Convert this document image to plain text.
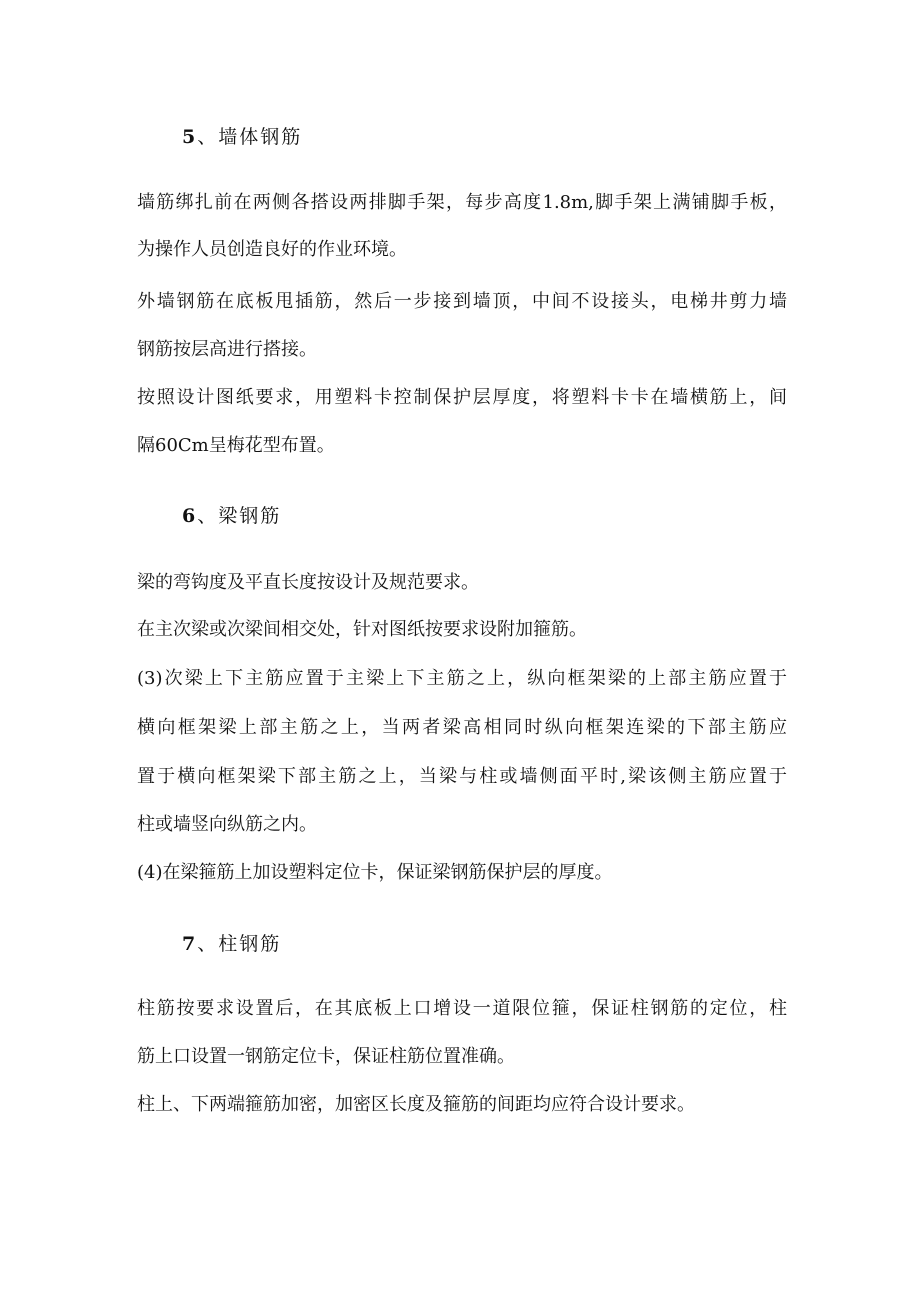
5、墙体钢筋
墙筋绑扎前在两侧各搭设两排脚手架，每步高度1.8m,脚手架上满铺脚手板，
为操作人员创造良好的作业环境。
外墙钢筋在底板甩插筋，然后一步接到墙顶，中间不设接头，电梯井剪力墙
钢筋按层高进行搭接。
按照设计图纸要求，用塑料卡控制保护层厚度，将塑料卡卡在墙横筋上，间
隔60Cm呈梅花型布置。
6、梁钢筋
梁的弯钩度及平直长度按设计及规范要求。
在主次梁或次梁间相交处，针对图纸按要求设附加箍筋。
(3)次梁上下主筋应置于主梁上下主筋之上，纵向框架梁的上部主筋应置于
横向框架梁上部主筋之上，当两者梁高相同时纵向框架连梁的下部主筋应
置于横向框架梁下部主筋之上，当梁与柱或墙侧面平时,梁该侧主筋应置于
柱或墙竖向纵筋之内。
(4)在梁箍筋上加设塑料定位卡，保证梁钢筋保护层的厚度。
7、柱钢筋
柱筋按要求设置后，在其底板上口增设一道限位箍，保证柱钢筋的定位，柱
筋上口设置一钢筋定位卡，保证柱筋位置准确。
柱上、下两端箍筋加密，加密区长度及箍筋的间距均应符合设计要求。
